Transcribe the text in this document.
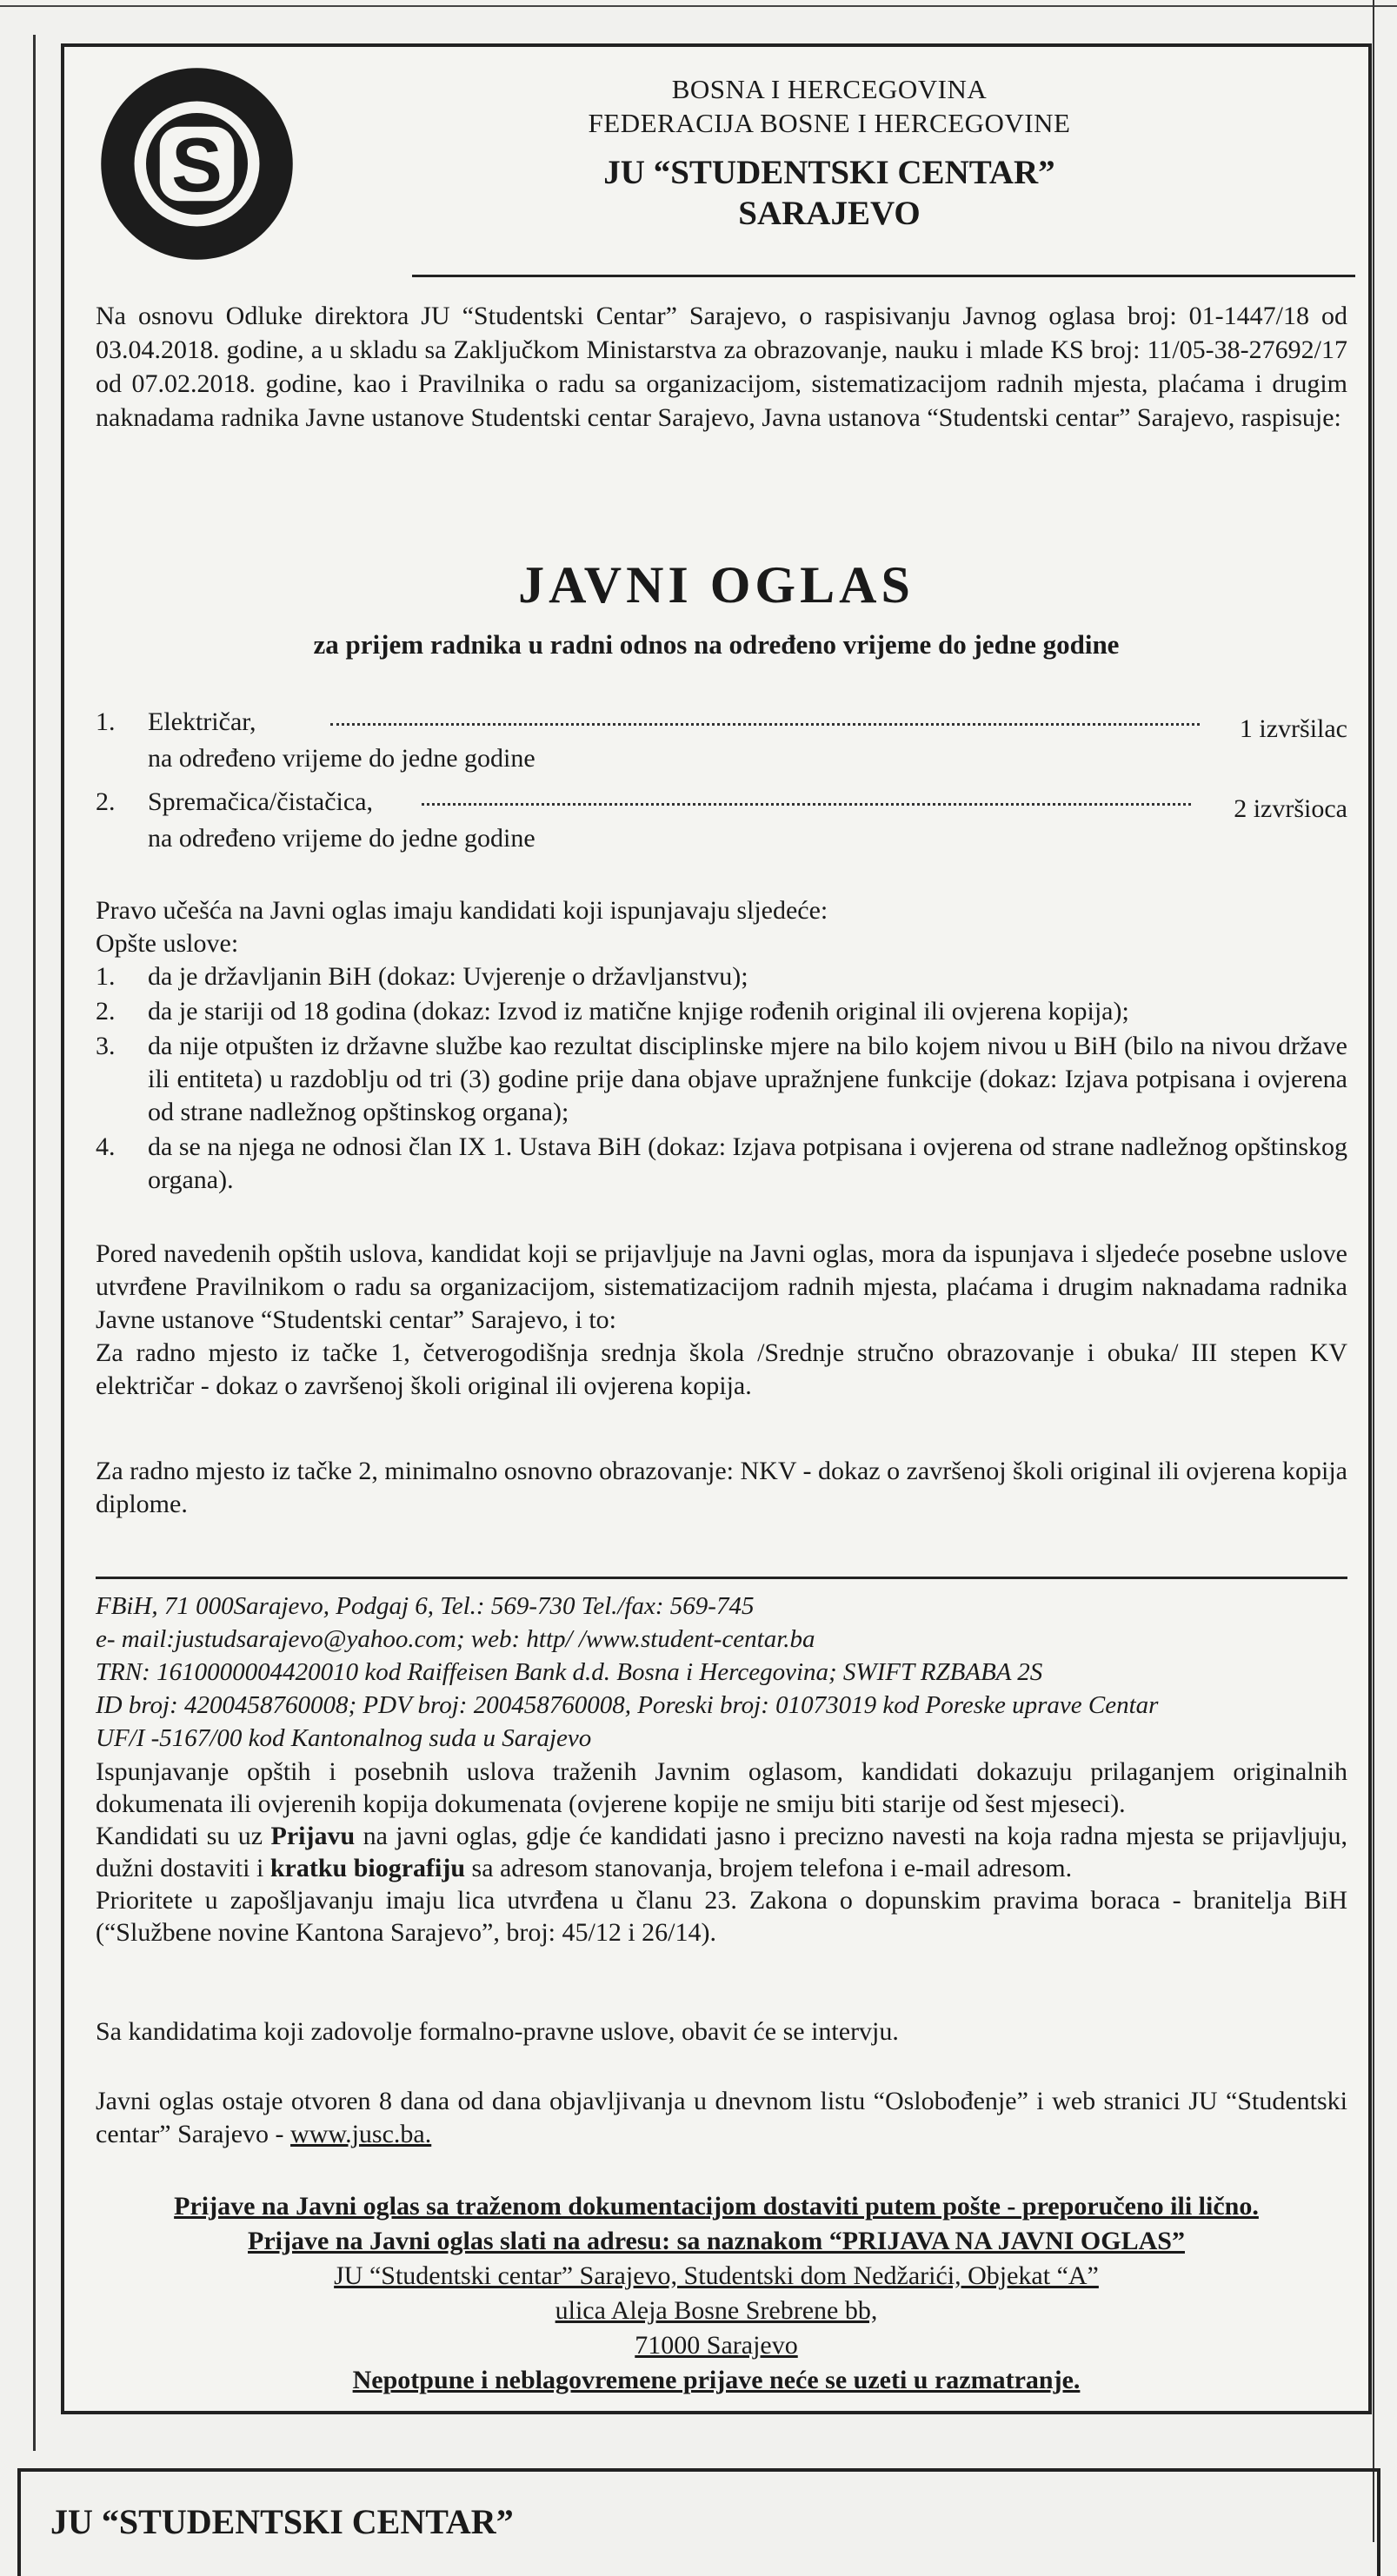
S
BOSNA I HERCEGOVINA
FEDERACIJA BOSNE I HERCEGOVINE
JU “STUDENTSKI CENTAR”
SARAJEVO
Na osnovu Odluke direktora JU “Studentski Centar” Sarajevo, o raspisivanju Javnog oglasa broj: 01-1447/18 od 03.04.2018. godine, a u skladu sa Zaključkom Ministarstva za obrazovanje, nauku i mlade KS broj: 11/05-38-27692/17 od 07.02.2018. godine, kao i Pravilnika o radu sa organizacijom, sistematizacijom radnih mjesta, plaćama i drugim naknadama radnika Javne ustanove Studentski centar Sarajevo, Javna ustanova “Studentski centar” Sarajevo, raspisuje:
JAVNI OGLAS
za prijem radnika u radni odnos na određeno vrijeme do jedne godine
1. Električar,	1 izvršilac
na određeno vrijeme do jedne godine
2. Spremačica/čistačica,	2 izvršioca
na određeno vrijeme do jedne godine
Pravo učešća na Javni oglas imaju kandidati koji ispunjavaju sljedeće:
Opšte uslove:
1. da je državljanin BiH (dokaz: Uvjerenje o državljanstvu);
2. da je stariji od 18 godina (dokaz: Izvod iz matične knjige rođenih original ili ovjerena kopija);
3. da nije otpušten iz državne službe kao rezultat disciplinske mjere na bilo kojem nivou u BiH (bilo na nivou države ili entiteta) u razdoblju od tri (3) godine prije dana objave upražnjene funkcije (dokaz: Izjava potpisana i ovjerena od strane nadležnog opštinskog organa);
4. da se na njega ne odnosi član IX 1. Ustava BiH (dokaz: Izjava potpisana i ovjerena od strane nadležnog opštinskog organa).
Pored navedenih opštih uslova, kandidat koji se prijavljuje na Javni oglas, mora da ispunjava i sljedeće posebne uslove utvrđene Pravilnikom o radu sa organizacijom, sistematizacijom radnih mjesta, plaćama i drugim naknadama radnika Javne ustanove “Studentski centar” Sarajevo, i to:
Za radno mjesto iz tačke 1, četverogodišnja srednja škola /Srednje stručno obrazovanje i obuka/ III stepen KV električar - dokaz o završenoj školi original ili ovjerena kopija.
Za radno mjesto iz tačke 2, minimalno osnovno obrazovanje: NKV - dokaz o završenoj školi original ili ovjerena kopija diplome.
FBiH, 71 000Sarajevo, Podgaj 6, Tel.: 569-730 Tel./fax: 569-745
e- mail:justudsarajevo@yahoo.com; web: http/ /www.student-centar.ba
TRN: 1610000004420010 kod Raiffeisen Bank d.d. Bosna i Hercegovina; SWIFT RZBABA 2S
ID broj: 4200458760008; PDV broj: 200458760008, Poreski broj: 01073019 kod Poreske uprave Centar
UF/I -5167/00 kod Kantonalnog suda u Sarajevo
Ispunjavanje opštih i posebnih uslova traženih Javnim oglasom, kandidati dokazuju prilaganjem originalnih dokumenata ili ovjerenih kopija dokumenata (ovjerene kopije ne smiju biti starije od šest mjeseci).
Kandidati su uz Prijavu na javni oglas, gdje će kandidati jasno i precizno navesti na koja radna mjesta se prijavljuju, dužni dostaviti i kratku biografiju sa adresom stanovanja, brojem telefona i e-mail adresom.
Prioritete u zapošljavanju imaju lica utvrđena u članu 23. Zakona o dopunskim pravima boraca - branitelja BiH (“Službene novine Kantona Sarajevo”, broj: 45/12 i 26/14).
Sa kandidatima koji zadovolje formalno-pravne uslove, obavit će se intervju.
Javni oglas ostaje otvoren 8 dana od dana objavljivanja u dnevnom listu “Oslobođenje” i web stranici JU “Studentski centar” Sarajevo - www.jusc.ba.
Prijave na Javni oglas sa traženom dokumentacijom dostaviti putem pošte - preporučeno ili lično.
Prijave na Javni oglas slati na adresu: sa naznakom “PRIJAVA NA JAVNI OGLAS”
JU “Studentski centar” Sarajevo, Studentski dom Nedžarići, Objekat “A”
ulica Aleja Bosne Srebrene bb,
71000 Sarajevo
Nepotpune i neblagovremene prijave neće se uzeti u razmatranje.
JU “STUDENTSKI CENTAR”
